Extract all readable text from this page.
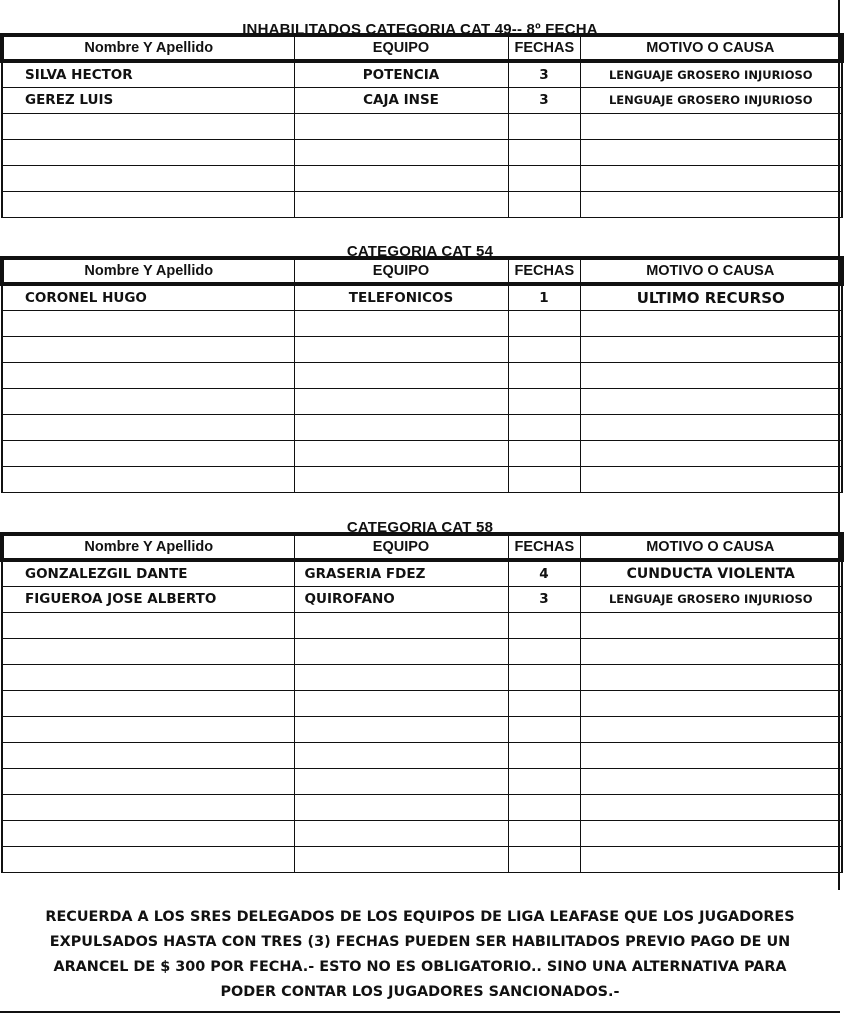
INHABILITADOS CATEGORIA CAT 49-- 8º FECHA
Nombre Y Apellido	EQUIPO	FECHAS	MOTIVO O CAUSA
SILVA HECTOR	POTENCIA	3	LENGUAJE GROSERO INJURIOSO
GEREZ LUIS	CAJA INSE	3	LENGUAJE GROSERO INJURIOSO

CATEGORIA CAT 54
Nombre Y Apellido	EQUIPO	FECHAS	MOTIVO O CAUSA
CORONEL HUGO	TELEFONICOS	1	ULTIMO RECURSO

CATEGORIA CAT 58
Nombre Y Apellido	EQUIPO	FECHAS	MOTIVO O CAUSA
GONZALEZGIL DANTE	GRASERIA FDEZ	4	CUNDUCTA VIOLENTA
FIGUEROA JOSE ALBERTO	QUIROFANO	3	LENGUAJE GROSERO INJURIOSO

RECUERDA A LOS SRES DELEGADOS DE LOS EQUIPOS DE LIGA LEAFASE QUE LOS JUGADORES
EXPULSADOS HASTA CON TRES (3) FECHAS PUEDEN SER HABILITADOS PREVIO PAGO DE UN
ARANCEL DE $ 300 POR FECHA.- ESTO NO ES OBLIGATORIO.. SINO UNA ALTERNATIVA PARA
PODER CONTAR LOS JUGADORES SANCIONADOS.-
